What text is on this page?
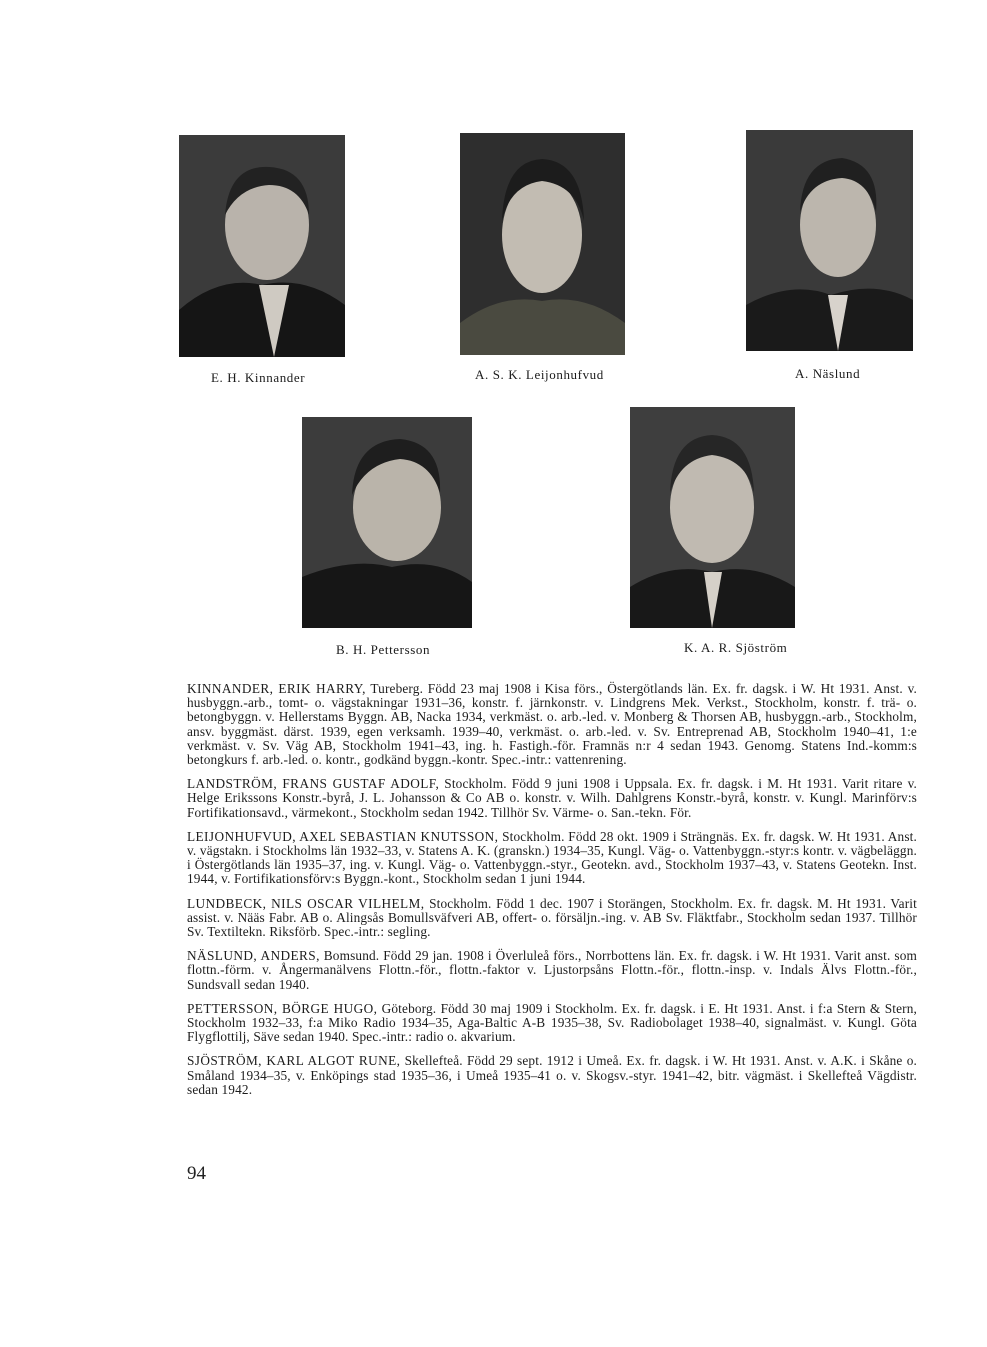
E. H. Kinnander	A. S. K. Leijonhufvud	A. Näslund
B. H. Pettersson	K. A. R. Sjöström

KINNANDER, ERIK HARRY, Tureberg. Född 23 maj 1908 i Kisa förs., Östergötlands län. Ex. fr. dagsk. i W. Ht 1931. Anst. v. husbyggn.-arb., tomt- o. vägstakningar 1931–36, konstr. f. järnkonstr. v. Lindgrens Mek. Verkst., Stockholm, konstr. f. trä- o. betongbyggn. v. Hellerstams Byggn. AB, Nacka 1934, verkmäst. o. arb.-led. v. Monberg & Thorsen AB, husbyggn.-arb., Stockholm, ansv. byggmäst. därst. 1939, egen verksamh. 1939–40, verkmäst. o. arb.-led. v. Sv. Entreprenad AB, Stockholm 1940–41, 1:e verkmäst. v. Sv. Väg AB, Stockholm 1941–43, ing. h. Fastigh.-för. Framnäs n:r 4 sedan 1943. Genomg. Statens Ind.-komm:s betongkurs f. arb.-led. o. kontr., godkänd byggn.-kontr. Spec.-intr.: vattenrening.

LANDSTRÖM, FRANS GUSTAF ADOLF, Stockholm. Född 9 juni 1908 i Uppsala. Ex. fr. dagsk. i M. Ht 1931. Varit ritare v. Helge Erikssons Konstr.-byrå, J. L. Johansson & Co AB o. konstr. v. Wilh. Dahlgrens Konstr.-byrå, konstr. v. Kungl. Marinförv:s Fortifikationsavd., värmekont., Stockholm sedan 1942. Tillhör Sv. Värme- o. San.-tekn. För.

LEIJONHUFVUD, AXEL SEBASTIAN KNUTSSON, Stockholm. Född 28 okt. 1909 i Strängnäs. Ex. fr. dagsk. W. Ht 1931. Anst. v. vägstakn. i Stockholms län 1932–33, v. Statens A. K. (granskn.) 1934–35, Kungl. Väg- o. Vattenbyggn.-styr:s kontr. v. vägbeläggn. i Östergötlands län 1935–37, ing. v. Kungl. Väg- o. Vattenbyggn.-styr., Geotekn. avd., Stockholm 1937–43, v. Statens Geotekn. Inst. 1944, v. Fortifikationsförv:s Byggn.-kont., Stockholm sedan 1 juni 1944.

LUNDBECK, NILS OSCAR VILHELM, Stockholm. Född 1 dec. 1907 i Storängen, Stockholm. Ex. fr. dagsk. M. Ht 1931. Varit assist. v. Nääs Fabr. AB o. Alingsås Bomullsväfveri AB, offert- o. försäljn.-ing. v. AB Sv. Fläktfabr., Stockholm sedan 1937. Tillhör Sv. Textiltekn. Riksförb. Spec.-intr.: segling.

NÄSLUND, ANDERS, Bomsund. Född 29 jan. 1908 i Överluleå förs., Norrbottens län. Ex. fr. dagsk. i W. Ht 1931. Varit anst. som flottn.-förm. v. Ångermanälvens Flottn.-för., flottn.-faktor v. Ljustorpsåns Flottn.-för., flottn.-insp. v. Indals Älvs Flottn.-för., Sundsvall sedan 1940.

PETTERSSON, BÖRGE HUGO, Göteborg. Född 30 maj 1909 i Stockholm. Ex. fr. dagsk. i E. Ht 1931. Anst. i f:a Stern & Stern, Stockholm 1932–33, f:a Miko Radio 1934–35, Aga-Baltic A-B 1935–38, Sv. Radiobolaget 1938–40, signalmäst. v. Kungl. Göta Flygflottilj, Säve sedan 1940. Spec.-intr.: radio o. akvarium.

SJÖSTRÖM, KARL ALGOT RUNE, Skellefteå. Född 29 sept. 1912 i Umeå. Ex. fr. dagsk. i W. Ht 1931. Anst. v. A.K. i Skåne o. Småland 1934–35, v. Enköpings stad 1935–36, i Umeå 1935–41 o. v. Skogsv.-styr. 1941–42, bitr. vägmäst. i Skellefteå Vägdistr. sedan 1942.

94
